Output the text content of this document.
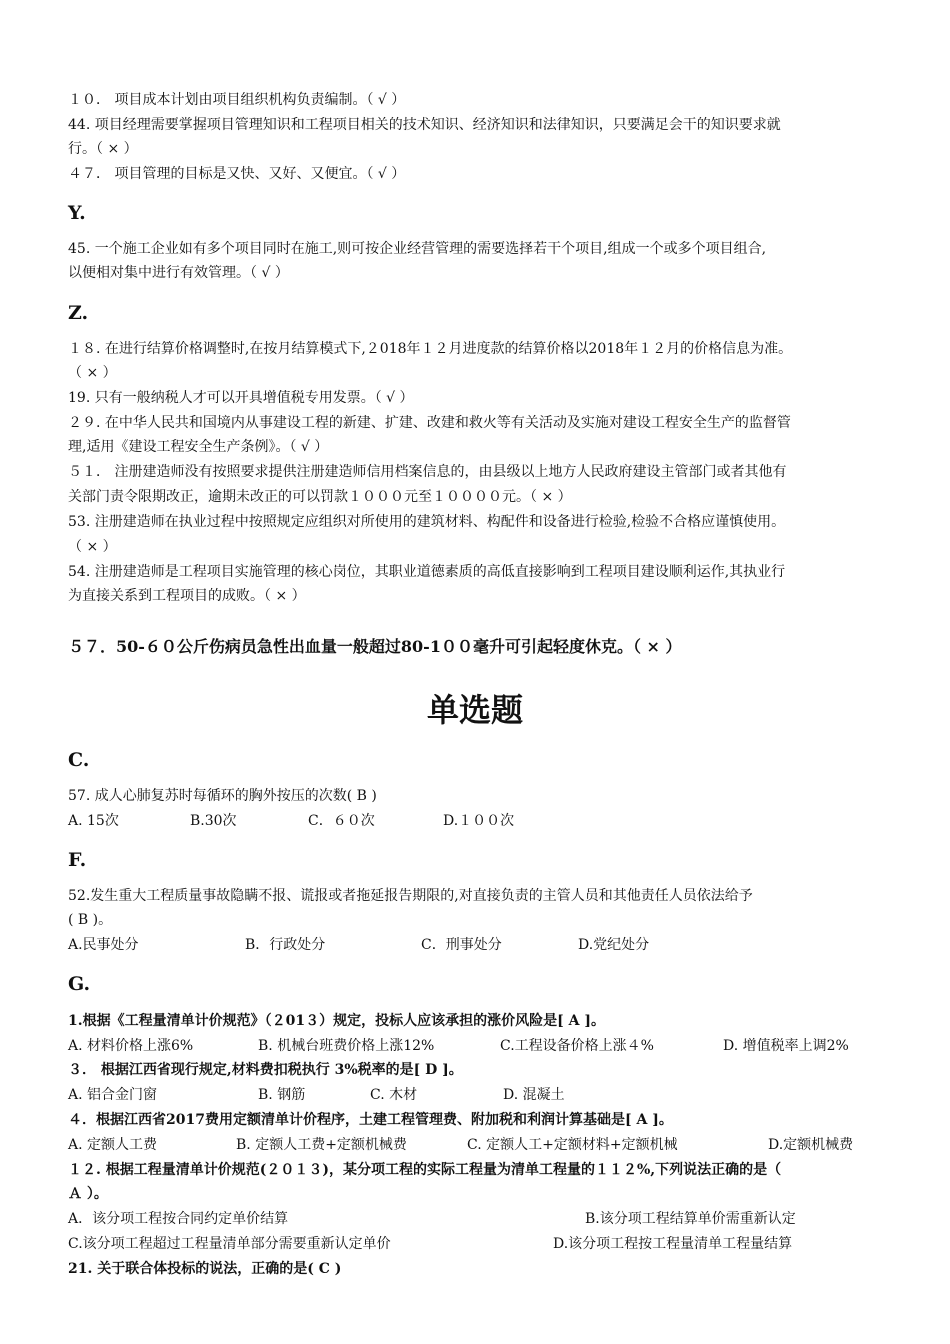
１０． 项目成本计划由项目组织机构负责编制。（ √ ）
44. 项目经理需要掌握项目管理知识和工程项目相关的技术知识、经济知识和法律知识，只要满足会干的知识要求就
行。（ × ）
４７． 项目管理的目标是又快、又好、又便宜。（ √ ）
Y.
45. 一个施工企业如有多个项目同时在施工,则可按企业经营管理的需要选择若干个项目,组成一个或多个项目组合,
以便相对集中进行有效管理。（ √ ）
Z.
１８. 在进行结算价格调整时,在按月结算模式下,２018年１２月进度款的结算价格以2018年１２月的价格信息为准。
（ × ）
19. 只有一般纳税人才可以开具增值税专用发票。（ √ ）
２９. 在中华人民共和国境内从事建设工程的新建、扩建、改建和救火等有关活动及实施对建设工程安全生产的监督管
理,适用《建设工程安全生产条例》。（ √ ）
５１． 注册建造师没有按照要求提供注册建造师信用档案信息的，由县级以上地方人民政府建设主管部门或者其他有
关部门责令限期改正，逾期未改正的可以罚款１０００元至１００００元。（ × ）
53. 注册建造师在执业过程中按照规定应组织对所使用的建筑材料、构配件和设备进行检验,检验不合格应谨慎使用。
（ × ）
54. 注册建造师是工程项目实施管理的核心岗位，其职业道德素质的高低直接影响到工程项目建设顺利运作,其执业行
为直接关系到工程项目的成败。（ × ）
５７．50-６０公斤伤病员急性出血量一般超过80-1００毫升可引起轻度休克。（ × ）
单选题
C.
57. 成人心肺复苏时每循环的胸外按压的次数( B )
A. 15次	B.30次	C．６０次	D.１００次
F.
52.发生重大工程质量事故隐瞒不报、谎报或者拖延报告期限的,对直接负责的主管人员和其他责任人员依法给予
( B )。
A.民事处分	B．行政处分	C．刑事处分	D.党纪处分
G.
1.根据《工程量清单计价规范》（２01３）规定，投标人应该承担的涨价风险是[ A ]。
A. 材料价格上涨6%	B. 机械台班费价格上涨12%	C.工程设备价格上涨４%	D. 增值税率上调2%
３． 根据江西省现行规定,材料费扣税执行 3%税率的是[ D ]。
A. 铝合金门窗	B. 钢筋	C. 木材	D. 混凝土
４．根据江西省2017费用定额清单计价程序，土建工程管理费、附加税和利润计算基础是[ A ]。
A. 定额人工费	B. 定额人工费+定额机械费	C. 定额人工+定额材料+定额机械	D.定额机械费
１２. 根据工程量清单计价规范(２０１３)，某分项工程的实际工程量为清单工程量的１１２%,下列说法正确的是（
Ａ ）。
A．该分项工程按合同约定单价结算	B.该分项工程结算单价需重新认定
C.该分项工程超过工程量清单部分需要重新认定单价	D.该分项工程按工程量清单工程量结算
21. 关于联合体投标的说法，正确的是( C )
